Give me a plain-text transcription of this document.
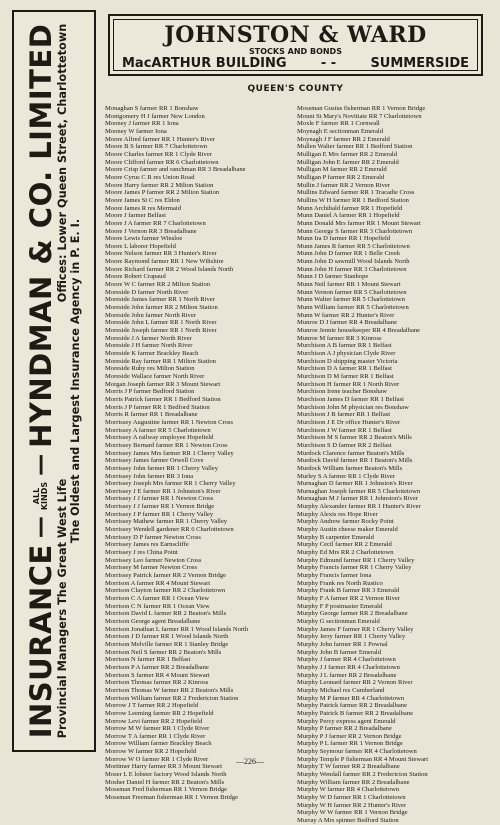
INSURANCE
—
ALL KINDS
—
HYNDMAN & CO. LIMITED
Provincial Managers The Great West Life
Offices: Lower Queen Street, Charlottetown
The Oldest and Largest Insurance Agency in P. E. I.
JOHNSTON & WARD
STOCKS AND BONDS
MacARTHUR BUILDING	- -	SUMMERSIDE
QUEEN'S COUNTY
Monaghan S farmer RR 1 Bonshaw
Montgomery H J farmer New London
Mooney J farmer RR 1 Iona
Mooney W farmer Iona
Moore Alfred farmer RR 1 Hunter's River
Moore B S farmer RR 7 Charlottetown
Moore Charles farmer RR 1 Clyde River
Moore Clifford farmer RR 6 Charlottetown
Moore Crisp farmer and ranchman RR 3 Breadalbane
Moore Cyrus C R res Union Road
Moore Harry farmer RR 2 Milton Station
Moore James P farmer RR 2 Milton Station
Moore James St C res Eldon
Moore James R res Mermaid
Moore J farmer Belfast
Moore J A farmer RR 7 Charlottetown
Moore J Vernon RR 3 Breadalbane
Moore Lewis farmer Winsloe
Moore L laborer Hopefield
Moore Nelson farmer RR 3 Hunter's River
Moore Raymond farmer RR 1 New Wiltshire
Moore Richard farmer RR 2 Wood Islands North
Moore Robert Crapaud
Moore W C farmer RR 2 Milton Station
Moreside D farmer North River
Moreside James farmer RR 1 North River
Moreside John farmer RR 2 Milton Station
Moreside John farmer North River
Moreside John L farmer RR 1 North River
Moreside Joseph farmer RR 1 North River
Moreside J A farmer North River
Moreside J H farmer North River
Moreside K farmer Brackley Beach
Moreside Ray farmer RR 1 Milton Station
Moreside Ruby res Milton Station
Moreside Wallace farmer North River
Morgan Joseph farmer RR 3 Mount Stewart
Morris J P farmer Bedford Station
Morris Patrick farmer RR 1 Bedford Station
Morris J P farmer RR 1 Bedford Station
Morris R farmer RR 1 Breadalbane
Morrissey Augustine farmer RR 1 Newton Cross
Morrissey A farmer RR 5 Charlottetown
Morrissey A railway employee Hopefield
Morrissey Bernard farmer RR 1 Newton Cross
Morrissey James Mrs farmer RR 1 Cherry Valley
Morrissey James farmer Orwell Cove
Morrissey John farmer RR 1 Cherry Valley
Morrissey John farmer RR 3 Iona
Morrissey Joseph Mrs farmer RR 1 Cherry Valley
Morrissey J E farmer RR 1 Johnston's River
Morrissey J J farmer RR 1 Newton Cross
Morrissey J J farmer RR 1 Vernon Bridge
Morrissey J P farmer RR 1 Cherry Valley
Morrissey Mathew farmer RR 1 Cherry Valley
Morrissey Wendell gardener RR 6 Charlottetown
Morrissey D P farmer Newton Cross
Morrissey James res Earnscliffe
Morrissey J res China Point
Morrissey Leo farmer Newton Cross
Morrissey M farmer Newton Cross
Morrissey Patrick farmer RR 2 Vernon Bridge
Morrison A farmer RR 4 Mount Stewart
Morrison Clayton farmer RR 2 Charlottetown
Morrison C A farmer RR 1 Ocean View
Morrison C N farmer RR 1 Ocean View
Morrison David L farmer RR 2 Beaton's Mills
Morrison George agent Breadalbane
Morrison Jonathan L farmer RR 1 Wood Islands North
Morrison J D farmer RR 1 Wood Islands North
Morrison Melville farmer RR 1 Stanley Bridge
Morrison Neil S farmer RR 2 Beaton's Mills
Morrison N farmer RR 1 Belfast
Morrison P A farmer RR 2 Breadalbane
Morrison S farmer RR 4 Mount Stewart
Morrison Thomas farmer RR 2 Kinross
Morrison Thomas W farmer RR 2 Beaton's Mills
Morrison William farmer RR 2 Fredericton Station
Morrow J T farmer RR 2 Hopefield
Morrow Leeming farmer RR 2 Hopefield
Morrow Levi farmer RR 2 Hopefield
Morrow M W farmer RR 1 Clyde River
Morrow T A farmer RR 1 Clyde River
Morrow William farmer Brackley Beach
Morrow W farmer RR 2 Hopefield
Morrow W O farmer RR 1 Clyde River
Mortimer Harry farmer RR 3 Mount Stewart
Moser L E lobster factory Wood Islands North
Mosher Daniel H farmer RR 2 Beaton's Mills
Mossman Fred fisherman RR 1 Vernon Bridge
Mossman Freeman fisherman RR 1 Vernon Bridge
Mossman Gustus fisherman RR 1 Vernon Bridge
Mount St Mary's Novitiate RR 7 Charlottetown
Moxle F farmer RR 1 Cornwall
Moynagh E sectionman Emerald
Moynagh J F farmer RR 2 Emerald
Mullen Walter farmer RR 1 Bedford Station
Mulligan E Mrs farmer RR 2 Emerald
Mulligan John E farmer RR 2 Emerald
Mulligan M farmer RR 2 Emerald
Mulligan P farmer RR 2 Emerald
Mullin J farmer RR 2 Vernon River
Mullins Edward farmer RR 1 Tracadie Cross
Mullins W H farmer RR 1 Bedford Station
Munn Archibald farmer RR 1 Hopefield
Munn Daniel A farmer RR 1 Hopefield
Munn Donald Mrs farmer RR 1 Mount Stewart
Munn George S farmer RR 3 Charlottetown
Munn Ira D farmer RR 1 Hopefield
Munn James R farmer RR 5 Charlottetown
Munn John D farmer RR 1 Belle Creek
Munn John D sawmill Wood Islands North
Munn John H farmer RR 3 Charlottetown
Munn J D farmer Stanhope
Munn Neil farmer RR 1 Mount Stewart
Munn Vernon farmer RR 5 Charlottetown
Munn Walter farmer RR 5 Charlottetown
Munn William farmer RR 5 Charlottetown
Munn W farmer RR 2 Hunter's River
Munroe D J farmer RR 4 Breadalbane
Munroe Jennie housekeeper RR 4 Breadalbane
Munroe M farmer RR 3 Kinross
Murchison A B farmer RR 1 Belfast
Murchison A J physician Clyde River
Murchison D shipping master Victoria
Murchison D A farmer RR 1 Belfast
Murchison D M farmer RR 1 Belfast
Murchison H farmer RR 1 North River
Murchison Irene teacher Bonshaw
Murchison James D farmer RR 1 Belfast
Murchison John M physician res Bonshaw
Murchison J B farmer RR 1 Belfast
Murchison J E Dr office Hunter's River
Murchison J W farmer RR 1 Belfast
Murchison M S farmer RR 2 Beaton's Mills
Murchison S D farmer RR 2 Belfast
Murdock Clarence farmer Beaton's Mills
Murdock David farmer RR 1 Beaton's Mills
Murdock William farmer Beaton's Mills
Murley S A farmer RR 1 Clyde River
Murnaghan D farmer RR 1 Johnston's River
Murnaghan Joseph farmer RR 5 Charlottetown
Murnaghan M J farmer RR 1 Johnston's River
Murphy Alexander farmer RR 1 Hunter's River
Murphy Alexis res Hope River
Murphy Andrew farmer Rocky Point
Murphy Austin cheese maker Emerald
Murphy B carpenter Emerald
Murphy Cecil farmer RR 2 Emerald
Murphy Ed Mrs RR 2 Charlottetown
Murphy Edmund farmer RR 1 Cherry Valley
Murphy Francis farmer RR 1 Cherry Valley
Murphy Francis farmer Iona
Murphy Frank res North Rustico
Murphy Frank B farmer RR 3 Emerald
Murphy F A farmer RR 2 Vernon River
Murphy F P postmaster Emerald
Murphy George farmer RR 2 Breadalbane
Murphy G sectionman Emerald
Murphy James F farmer RR 1 Cherry Valley
Murphy Jerry farmer RR 1 Cherry Valley
Murphy John farmer RR 1 Pownal
Murphy John B farmer Emerald
Murphy J farmer RR 4 Charlottetown
Murphy J J farmer RR 4 Charlottetown
Murphy J L farmer RR 2 Breadalbane
Murphy Leonard farmer RR 2 Vernon River
Murphy Michael res Cumberland
Murphy M P farmer RR 4 Charlottetown
Murphy Patrick farmer RR 2 Breadalbane
Murphy Patrick B farmer RR 2 Breadalbane
Murphy Percy express agent Emerald
Murphy P farmer RR 2 Breadalbane
Murphy P J farmer RR 2 Vernon Bridge
Murphy P L farmer RR 1 Vernon Bridge
Murphy Seymour farmer RR 4 Charlottetown
Murphy Temple P fisherman RR 4 Mount Stewart
Murphy T W farmer RR 2 Breadalbane
Murphy Wendall farmer RR 2 Fredericton Station
Murphy William farmer RR 2 Breadalbane
Murphy W farmer RR 4 Charlottetown
Murphy W D farmer RR 1 Charlottetown
Murphy W H farmer RR 2 Hunter's River
Murphy W W farmer RR 1 Vernon Bridge
Murray A Mrs spinner Bedford Station
—226—
